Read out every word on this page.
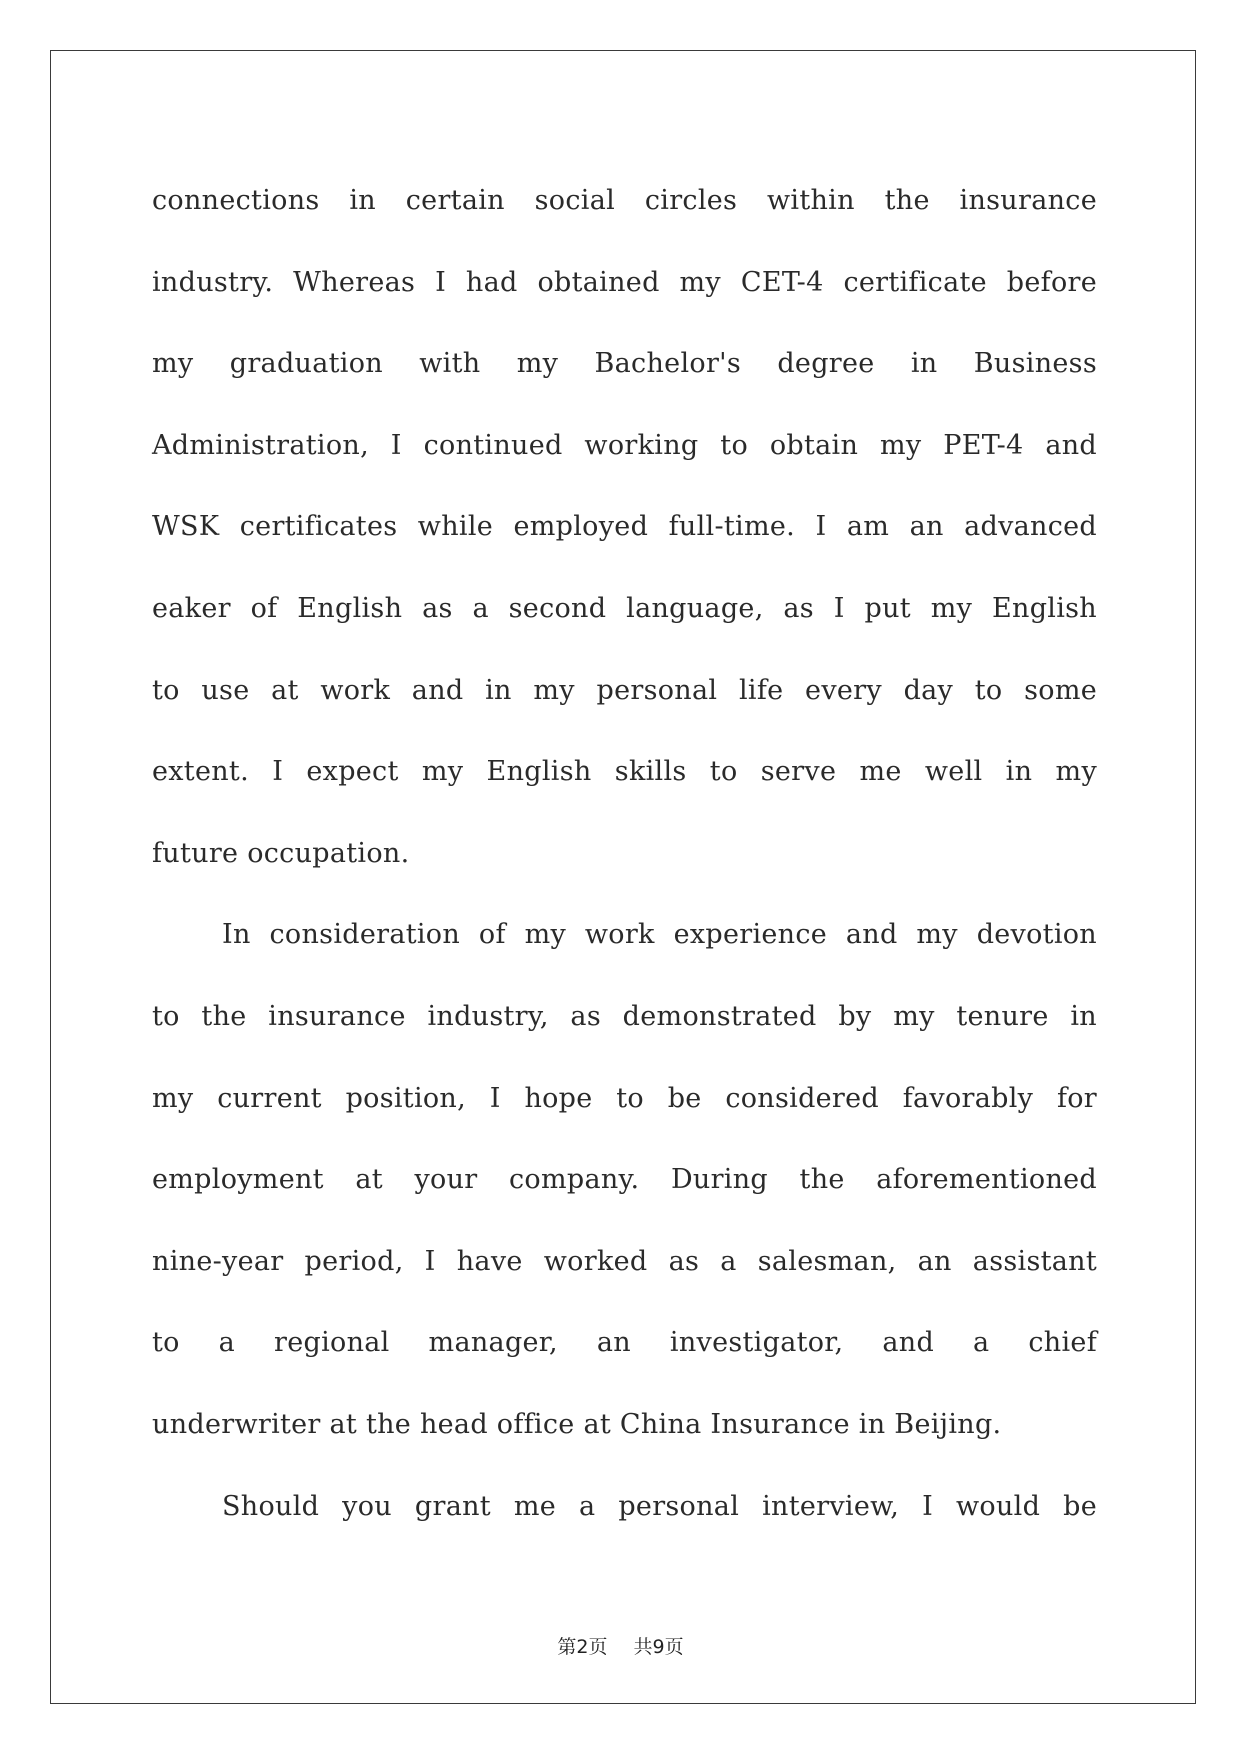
connections in certain social circles within the insurance
industry. Whereas I had obtained my CET-4 certificate before
my graduation with my Bachelor's degree in Business
Administration, I continued working to obtain my PET-4 and
WSK certificates while employed full-time. I am an advanced
eaker of English as a second language, as I put my English
to use at work and in my personal life every day to some
extent. I expect my English skills to serve me well in my
future occupation.
In consideration of my work experience and my devotion
to the insurance industry, as demonstrated by my tenure in
my current position, I hope to be considered favorably for
employment at your company. During the aforementioned
nine-year period, I have worked as a salesman, an assistant
to a regional manager, an investigator, and a chief
underwriter at the head office at China Insurance in Beijing.
Should you grant me a personal interview, I would be
第2页 共9页
